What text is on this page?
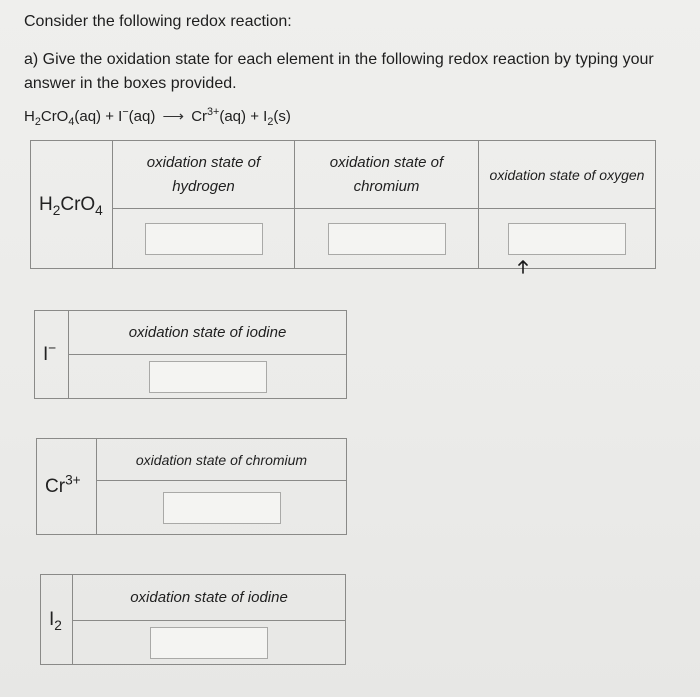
Consider the following redox reaction:
a) Give the oxidation state for each element in the following redox reaction by typing your answer in the boxes provided.
$H_2CrO_4(aq) + I^-(aq)$ ⟶ $Cr^{3+}(aq) + I_2(s)$
$H_2CrO_4$	oxidation state of hydrogen	oxidation state of chromium	oxidation state of oxygen

I−	oxidation state of iodine

$Cr^{3+}$	oxidation state of chromium

$I_2$	oxidation state of iodine
